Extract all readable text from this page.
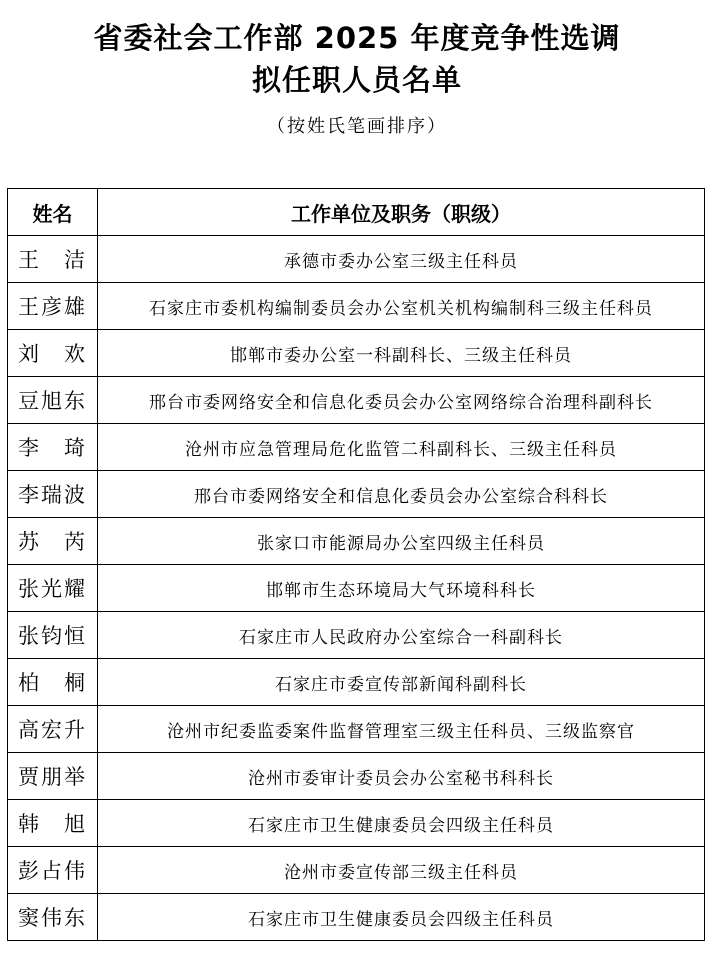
省委社会工作部 2025 年度竞争性选调
拟任职人员名单
（按姓氏笔画排序）
姓名	工作单位及职务（职级）
王　洁	承德市委办公室三级主任科员
王彦雄	石家庄市委机构编制委员会办公室机关机构编制科三级主任科员
刘　欢	邯郸市委办公室一科副科长、三级主任科员
豆旭东	邢台市委网络安全和信息化委员会办公室网络综合治理科副科长
李　琦	沧州市应急管理局危化监管二科副科长、三级主任科员
李瑞波	邢台市委网络安全和信息化委员会办公室综合科科长
苏　芮	张家口市能源局办公室四级主任科员
张光耀	邯郸市生态环境局大气环境科科长
张钧恒	石家庄市人民政府办公室综合一科副科长
柏　桐	石家庄市委宣传部新闻科副科长
高宏升	沧州市纪委监委案件监督管理室三级主任科员、三级监察官
贾朋举	沧州市委审计委员会办公室秘书科科长
韩　旭	石家庄市卫生健康委员会四级主任科员
彭占伟	沧州市委宣传部三级主任科员
窦伟东	石家庄市卫生健康委员会四级主任科员
